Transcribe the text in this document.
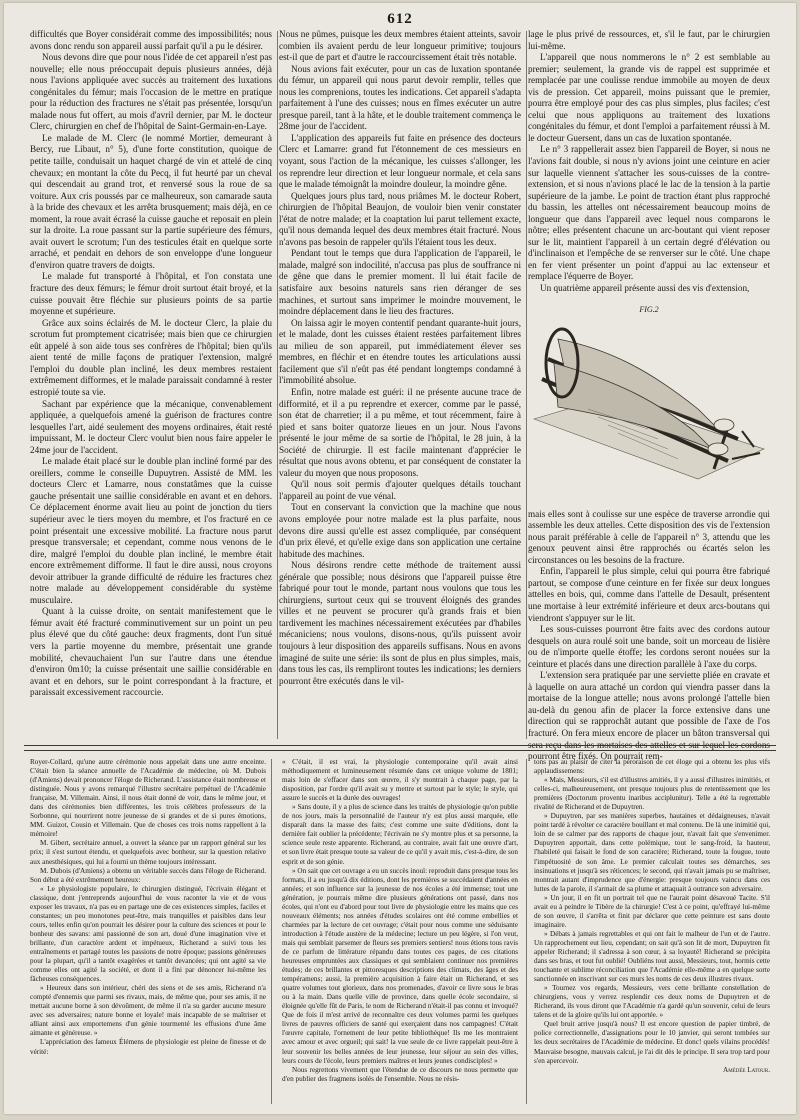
612

difficultés que Boyer considérait comme des impossibilités; nous avons donc rendu son appareil aussi parfait qu'il a pu le désirer.

Nous devons dire que pour nous l'idée de cet appareil n'est pas nouvelle; elle nous préoccupait depuis plusieurs années, déjà nous l'avions appliquée avec succès au traitement des luxations congénitales du fémur; mais l'occasion de le mettre en pratique pour la réduction des fractures ne s'était pas présentée, lorsqu'un malade nous fut offert, au mois d'avril dernier, par M. le docteur Clerc, chirurgien en chef de l'hôpital de Saint-Germain-en-Laye.

Le malade de M. Clerc (le nommé Mortier, demeurant à Bercy, rue Libaut, n° 5), d'une forte constitution, quoique de petite taille, conduisait un haquet chargé de vin et attelé de cinq chevaux; en montant la côte du Pecq, il fut heurté par un cheval qui descendait au grand trot, et renversé sous la roue de sa voiture. Aux cris poussés par ce malheureux, son camarade sauta à la bride des chevaux et les arrêta brusquement; mais déjà, en ce moment, la roue avait écrasé la cuisse gauche et reposait en plein sur la droite. La roue passant sur la partie supérieure des fémurs, avait ouvert le scrotum; l'un des testicules était en quelque sorte arraché, et pendait en dehors de son enveloppe d'une longueur d'environ quatre travers de doigts.

Le malade fut transporté à l'hôpital, et l'on constata une fracture des deux fémurs; le fémur droit surtout était broyé, et la cuisse pouvait être fléchie sur plusieurs points de sa partie moyenne et supérieure.

Grâce aux soins éclairés de M. le docteur Clerc, la plaie du scrotum fut promptement cicatrisée; mais bien que ce chirurgien eût appelé à son aide tous ses confrères de l'hôpital; bien qu'ils aient tenté de mille façons de pratiquer l'extension, malgré l'emploi du double plan incliné, les deux membres restaient extrêmement difformes, et le malade paraissait condamné à rester estropié toute sa vie.

Sachant par expérience que la mécanique, convenablement appliquée, a quelquefois amené la guérison de fractures contre lesquelles l'art, aidé seulement des moyens ordinaires, était resté impuissant, M. le docteur Clerc voulut bien nous faire appeler le 24me jour de l'accident.

Le malade était placé sur le double plan incliné formé par des oreillers, comme le conseille Dupuytren. Assisté de MM. les docteurs Clerc et Lamarre, nous constatâmes que la cuisse gauche présentait une saillie considérable en avant et en dehors. Ce déplacement énorme avait lieu au point de jonction du tiers supérieur avec le tiers moyen du membre, et l'os fracturé en ce point présentait une excessive mobilité. La fracture nous parut presque transversale; et cependant, comme nous venons de le dire, malgré l'emploi du double plan incliné, le membre était encore extrêmement difforme. Il faut le dire aussi, nous croyons devoir attribuer la grande difficulté de réduire les fractures chez notre malade au développement considérable du système musculaire.

Quant à la cuisse droite, on sentait manifestement que le fémur avait été fracturé comminutivement sur un point un peu plus élevé que du côté gauche: deux fragments, dont l'un situé vers la partie moyenne du membre, présentait une grande mobilité, chevauchaient l'un sur l'autre dans une étendue d'environ 0m10; la cuisse présentait une saillie considérable en avant et en dehors, sur le point correspondant à la fracture, et paraissait excessivement raccourcie.

Nous ne pûmes, puisque les deux membres étaient atteints, savoir combien ils avaient perdu de leur longueur primitive; toujours est-il que de part et d'autre le raccourcissement était très notable.

Nous avions fait exécuter, pour un cas de luxation spontanée du fémur, un appareil qui nous parut devoir remplir, telles que nous les comprenions, toutes les indications. Cet appareil s'adapta parfaitement à l'une des cuisses; nous en fîmes exécuter un autre presque pareil, tant à la hâte, et le double traitement commença le 28me jour de l'accident.

L'application des appareils fut faite en présence des docteurs Clerc et Lamarre: grand fut l'étonnement de ces messieurs en voyant, sous l'action de la mécanique, les cuisses s'allonger, les os reprendre leur direction et leur longueur normale, et cela sans que le malade témoignât la moindre douleur, la moindre gêne.

Quelques jours plus tard, nous priâmes M. le docteur Robert, chirurgien de l'hôpital Beaujon, de vouloir bien venir constater l'état de notre malade; et la coaptation lui parut tellement exacte, qu'il nous demanda lequel des deux membres était fracturé. Nous n'avons pas besoin de rappeler qu'ils l'étaient tous les deux.

Pendant tout le temps que dura l'application de l'appareil, le malade, malgré son indocilité, n'accusa pas plus de souffrance ni de gêne que dans le premier moment. Il lui était facile de satisfaire aux besoins naturels sans rien déranger de ses machines, et surtout sans imprimer le moindre mouvement, le moindre déplacement dans le lieu des fractures.

On laissa agir le moyen contentif pendant quarante-huit jours, et le malade, dont les cuisses étaient restées parfaitement libres au milieu de son appareil, put immédiatement élever ses membres, en fléchir et en étendre toutes les articulations aussi facilement que s'il n'eût pas été pendant longtemps condamné à l'immobilité absolue.

Enfin, notre malade est guéri: il ne présente aucune trace de difformité, et il a pu reprendre et exercer, comme par le passé, son état de charretier; il a pu même, et tout récemment, faire à pied et sans boiter quatorze lieues en un jour. Nous l'avons présenté le jour même de sa sortie de l'hôpital, le 28 juin, à la Société de chirurgie. Il est facile maintenant d'apprécier le résultat que nous avons obtenu, et par conséquent de constater la valeur du moyen que nous proposons.

Qu'il nous soit permis d'ajouter quelques détails touchant l'appareil au point de vue vénal.

Tout en conservant la conviction que la machine que nous avons employée pour notre malade est la plus parfaite, nous devons dire aussi qu'elle est assez compliquée, par conséquent d'un prix élevé, et qu'elle exige dans son application une certaine habitude des machines.

Nous désirons rendre cette méthode de traitement aussi générale que possible; nous désirons que l'appareil puisse être fabriqué pour tout le monde, partant nous voulons que tous les chirurgiens, surtout ceux qui se trouvent éloignés des grandes villes et ne peuvent se procurer qu'à grands frais et bien tardivement les machines nécessairement exécutées par d'habiles mécaniciens; nous voulons, disons-nous, qu'ils puissent avoir toujours à leur disposition des appareils suffisans. Nous en avons imaginé de suite une série: ils sont de plus en plus simples, mais, dans tous les cas, ils rempliront toutes les indications; les derniers pourront être exécutés dans le vil-

lage le plus privé de ressources, et, s'il le faut, par le chirurgien lui-même.

L'appareil que nous nommerons le n° 2 est semblable au premier; seulement, la grande vis de rappel est supprimée et remplacée par une coulisse rendue immobile au moyen de deux vis de pression. Cet appareil, moins puissant que le premier, pourra être employé pour des cas plus simples, plus faciles; c'est celui que nous appliquons au traitement des luxations congénitales du fémur, et dont l'emploi a parfaitement réussi à M. le docteur Guersent, dans un cas de luxation spontanée.

Le n° 3 rappellerait assez bien l'appareil de Boyer, si nous ne l'avions fait double, si nous n'y avions joint une ceinture en acier sur laquelle viennent s'attacher les sous-cuisses de la contre-extension, et si nous n'avions placé le lac de la tension à la partie supérieure de la jambe. Le point de traction étant plus rapproché du bassin, les attelles ont nécessairement beaucoup moins de longueur que dans l'appareil avec lequel nous comparons le nôtre; elles présentent chacune un arc-boutant qui vient reposer sur le lit, maintient l'appareil à un certain degré d'élévation ou d'inclinaison et l'empêche de se renverser sur le côté. Une chape en fer vient présenter un point d'appui au lac extenseur et remplace l'équerre de Boyer.

Un quatrième appareil présente aussi des vis d'extension,

FIG.2

mais elles sont à coulisse sur une espèce de traverse arrondie qui assemble les deux attelles. Cette disposition des vis de l'extension nous parait préférable à celle de l'appareil n° 3, attendu que les genoux peuvent ainsi être rapprochés ou écartés selon les circonstances ou les besoins de la fracture.

Enfin, l'appareil le plus simple, celui qui pourra être fabriqué partout, se compose d'une ceinture en fer fixée sur deux longues attelles en bois, qui, comme dans l'attelle de Desault, présentent une mortaise à leur extrémité inférieure et deux arcs-boutans qui viendront s'appuyer sur le lit.

Les sous-cuisses pourront être faits avec des cordons autour desquels on aura roulé soit une bande, soit un morceau de lisière ou de n'importe quelle étoffe; les cordons seront nouées sur la ceinture et placés dans une direction parallèle à l'axe du corps.

L'extension sera pratiquée par une serviette pliée en cravate et à laquelle on aura attaché un cordon qui viendra passer dans la mortaise de la longue attelle; nous avons prolongé l'attelle bien au-delà du genou afin de placer la force extensive dans une direction qui se rapprochât autant que possible de l'axe de l'os fracturé. On fera mieux encore de placer un bâton transversal qui sera reçu dans les mortaises des attelles et sur lequel les cordons pourront être fixés. On pourrait rem-

Royer-Collard, qu'une autre cérémonie nous appelait dans une autre enceinte. C'était bien la séance annuelle de l'Académie de médecine, où M. Dubois (d'Amiens) devait prononcer l'éloge de Richerand. L'assistance était nombreuse et distinguée. Nous y avons remarqué l'illustre secrétaire perpétuel de l'Académie française, M. Villemain. Ainsi, il nous était donné de voir, dans le même jour, et dans des cérémonies bien différentes, les trois célèbres professeurs de la Sorbonne, qui nourrirent notre jeunesse de si grandes et de si pures émotions, MM. Guizot, Cousin et Villemain. Que de choses ces trois noms rappellent à la mémoire!

M. Gibert, secrétaire annuel, a ouvert la séance par un rapport général sur les prix; il s'est surtout étendu, et quelquefois avec bonheur, sur la question relative aux anesthésiques, qui lui a fourni un thème toujours intéressant.

M. Dubois (d'Amiens) a obtenu un véritable succès dans l'éloge de Richerand. Son début a été extrêmement heureux:

« Le physiologiste populaire, le chirurgien distingué, l'écrivain élégant et classique, dont j'entreprends aujourd'hui de vous raconter la vie et de vous exposer les travaux, n'a pas eu en partage une de ces existences simples, faciles et constantes; un peu monotones peut-être, mais tranquilles et paisibles dans leur cours, telles enfin qu'on pourrait les désirer pour la culture des sciences et pour le bonheur des savans: ami passionné de son art, doué d'une imagination vive et brillante, d'un caractère ardent et impétueux, Richerand a suivi tous les entraînements et partagé toutes les passions de notre époque; passions généreuses pour la plupart, qu'il a tantôt exagérées et tantôt devancées; qui ont agité sa vie comme elles ont agité la société, et dont il a fini par dénoncer lui-même les fâcheuses conséquences.

» Heureux dans son intérieur, chéri des siens et de ses amis, Richerand n'a compté d'ennemis que parmi ses rivaux, mais, de même que, pour ses amis, il ne mettait aucune borne à son dévoûment, de même il n'a su garder aucune mesure avec ses adversaires; nature bonne et loyale! mais incapable de se maîtriser et alliant ainsi aux emportemens d'un génie tourmenté les effusions d'une âme aimante et généreuse. »

L'appréciation des fameux Élémens de physiologie est pleine de finesse et de vérité:

« C'était, il est vrai, la physiologie contemporaine qu'il avait ainsi méthodiquement et lumineusement résumée dans cet unique volume de 1801; mais loin de s'effacer dans son œuvre, il s'y montrait à chaque page, par la disposition, par l'ordre qu'il avait su y mettre et surtout par le style; le style, qui assure le succès et la durée des ouvrages!

» Sans doute, il y a plus de science dans les traités de physiologie qu'on publie de nos jours, mais la personnalité de l'auteur n'y est plus aussi marquée, elle disparaît dans la masse des faits; c'est comme une suite d'éditions, dont la dernière fait oublier la précédente; l'écrivain ne s'y montre plus et sa personne, la science seule reste apparente. Richerand, au contraire, avait fait une œuvre d'art, et son livre était presque toute sa valeur de ce qu'il y avait mis, c'est-à-dire, de son esprit et de son génie.

» On sait que cet ouvrage a eu un succès inouï: reproduit dans presque tous les formats, il a eu jusqu'à dix éditions, dont les premières se succédaient d'années en années; et son influence sur la jeunesse de nos écoles a été immense; tout une génération, je pourrais même dire plusieurs générations ont passé, dans nos écoles, qui n'ont eu d'abord pour tout livre de physiologie entre les mains que ces nouveaux éléments; nos années d'études scolaires ont été comme embellies et charmées par la lecture de cet ouvrage; c'était pour nous comme une séduisante introduction à l'étude austère de la médecine; lecture un peu légère, si l'on veut, mais qui semblait parsemer de fleurs ses premiers sentiers! nous étions tous ravis de ce parfum de littérature répandu dans toutes ces pages, de ces citations heureuses empruntées aux classiques et qui semblaient continuer nos premières études; de ces brillantes et pittoresques descriptions des climats, des âges et des tempéramens; aussi, la première acquisition à faire était un Richerand, et ses quatre volumes tout glorieux, dans nos promenades, d'avoir ce livre sous le bras ou à la main. Dans quelle ville de province, dans quelle école secondaire, si éloignée qu'elle fût de Paris, le nom de Richerand n'était-il pas connu et invoqué? Que de fois il m'est arrivé de reconnaître ces deux volumes parmi les quelques livres de pauvres officiers de santé qui exerçaient dans nos campagnes! C'était l'œuvre capitale, l'ornement de leur petite bibliothèque! Ils me les montraient avec amour et avec orgueil; qui sait! la vue seule de ce livre rappelait peut-être à leur souvenir les belles années de leur jeunesse, leur séjour au sein des villes, leurs cours de l'école, leurs premiers maîtres et leurs jeunes condisciples! »

Nous regrettons vivement que l'étendue de ce discours ne nous permette que d'en publier des fragmens isolés de l'ensemble. Nous ne résis-

tons pas au plaisir de citer la péroraison de cet éloge qui a obtenu les plus vifs applaudissemens:

« Mais, Messieurs, s'il est d'illustres amitiés, il y a aussi d'illustres inimitiés, et celles-ci, malheureusement, ont presque toujours plus de retentissement que les premières (Doctorum proventu inaribus acciplunitur). Telle a été la regrettable rivalité de Richerand et de Dupuytren.

» Dupuytren, par ses manières superbes, hautaines et dédaigneuses, n'avait point tardé à révolter ce caractère bouillant et mal contenu. De là une inimitié qui, loin de se calmer par des rapports de chaque jour, n'avait fait que s'envenimer. Dupuytren apportait, dans cette polémique, tout le sang-froid, la hauteur, l'habileté qui faisait le fond de son caractère; Richerand, toute la fougue, toute l'impétuosité de son âme. Le premier calculait toutes ses démarches, ses insinuations et jusqu'à ses réticences; le second, qui n'avait jamais pu se maîtriser, montrait autant d'imprudence que d'énergie: presque toujours vaincu dans ces luttes de la parole, il s'armait de sa plume et attaquait à outrance son adversaire.

» Un jour, il en fit un portrait tel que ne l'aurait point désavoué Tacite. S'il avait eu à peindre le Tibère de la chirurgie! C'est à ce point, qu'effrayé lui-même de son œuvre, il s'arrêta et finit par déclarer que cette peinture est sans doute imaginaire.

» Débats à jamais regrettables et qui ont fait le malheur de l'un et de l'autre. Un rapprochement eut lieu, cependant; on sait qu'à son lit de mort, Dupuytren fit appeler Richerand; il s'adressa à son cœur, à sa loyauté! Richerand se précipita dans ses bras, et tout fut oublié! Oubliéns tout aussi, Messieurs, tout, hormis cette touchante et sublime réconciliation que l'Académie elle-même a en quelque sorte sanctionnée en inscrivant sur ces murs les noms de ces deux illustres rivaux.

» Tournez vos regards, Messieurs, vers cette brillante constellation de chirurgiens, vous y verrez resplendir ces deux noms de Dupuytren et de Richerand, ils vous diront que l'Académie n'a gardé qu'un souvenir, celui de leurs talens et de la gloire qu'ils lui ont apportée. »

Quel bruit arrive jusqu'à nous? Il est encore question de papier timbré, de police correctionnelle, d'assignations pour le 10 janvier, qui seront tombées sur les deux secrétaires de l'Académie de médecine. Et donc! quels vilains procédés! Mauvaise besogne, mauvais calcul, je l'ai dit dès le principe. Il sera trop tard pour s'en apercevoir.

Amédée Latour.
